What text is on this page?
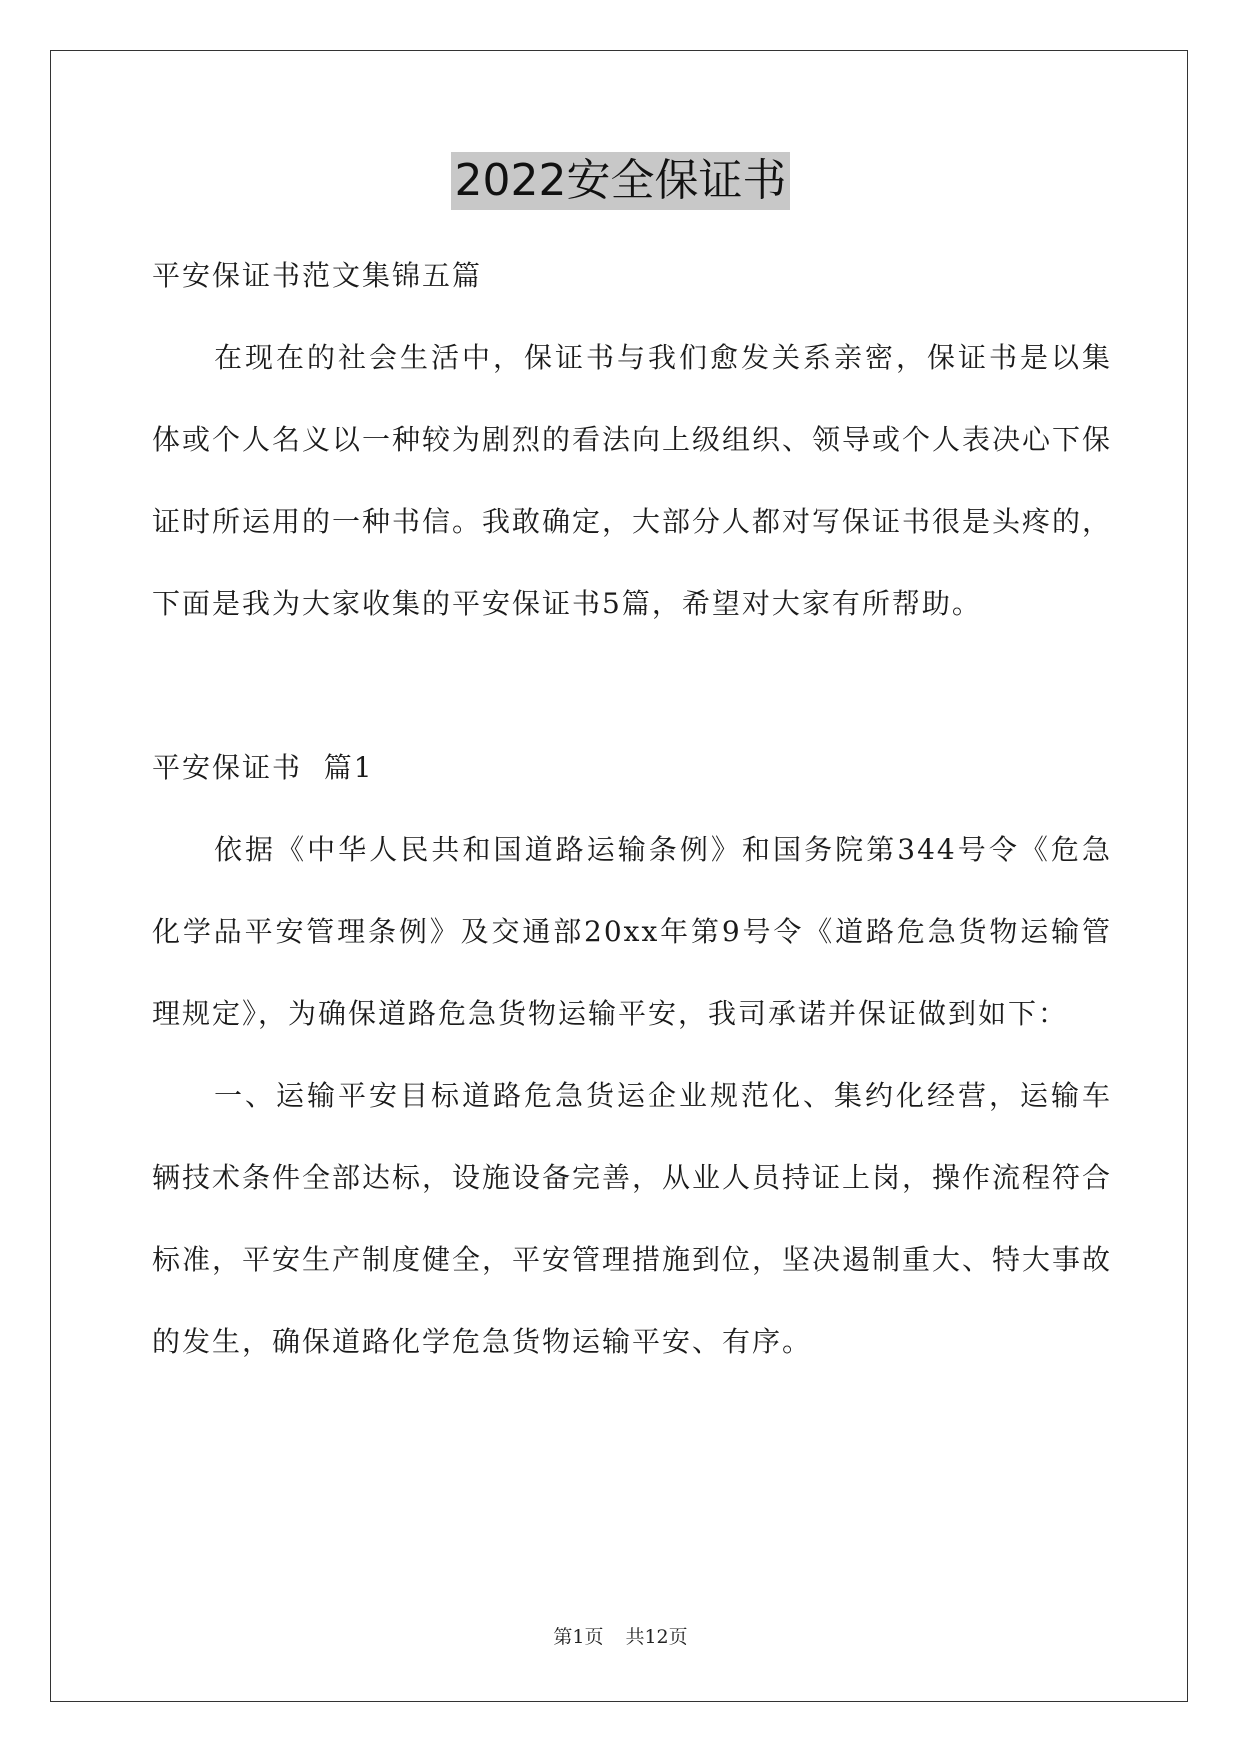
2022安全保证书

平安保证书范文集锦五篇

在现在的社会生活中，保证书与我们愈发关系亲密，保证书是以集体或个人名义以一种较为剧烈的看法向上级组织、领导或个人表决心下保证时所运用的一种书信。我敢确定，大部分人都对写保证书很是头疼的，下面是我为大家收集的平安保证书5篇，希望对大家有所帮助。

平安保证书  篇1

依据《中华人民共和国道路运输条例》和国务院第344号令《危急化学品平安管理条例》及交通部20xx年第9号令《道路危急货物运输管理规定》，为确保道路危急货物运输平安，我司承诺并保证做到如下：

一、运输平安目标道路危急货运企业规范化、集约化经营，运输车辆技术条件全部达标，设施设备完善，从业人员持证上岗，操作流程符合标准，平安生产制度健全，平安管理措施到位，坚决遏制重大、特大事故的发生，确保道路化学危急货物运输平安、有序。

第1页 共12页
